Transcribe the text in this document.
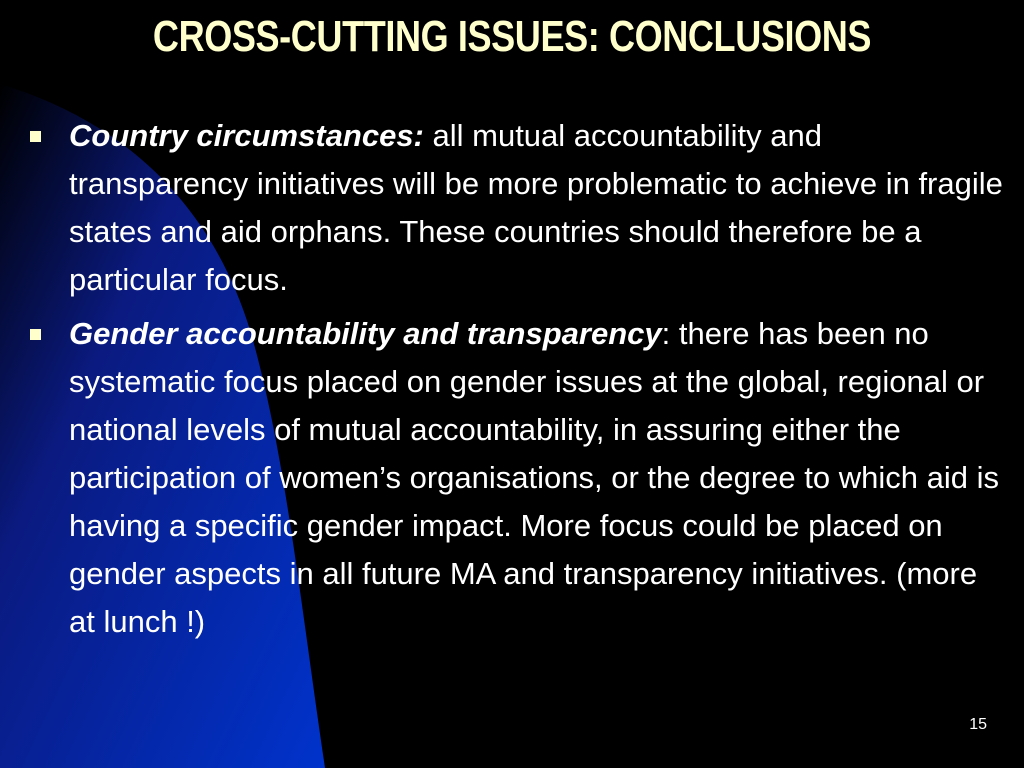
CROSS-CUTTING ISSUES: CONCLUSIONS
Country circumstances: all mutual accountability and transparency initiatives will be more problematic to achieve in fragile states and aid orphans. These countries should therefore be a particular focus.
Gender accountability and transparency: there has been no systematic focus placed on gender issues at the global, regional or national levels of mutual accountability, in assuring either the participation of women’s organisations, or the degree to which aid is having a specific gender impact. More focus could be placed on gender aspects in all future MA and transparency initiatives. (more at lunch !)
15
